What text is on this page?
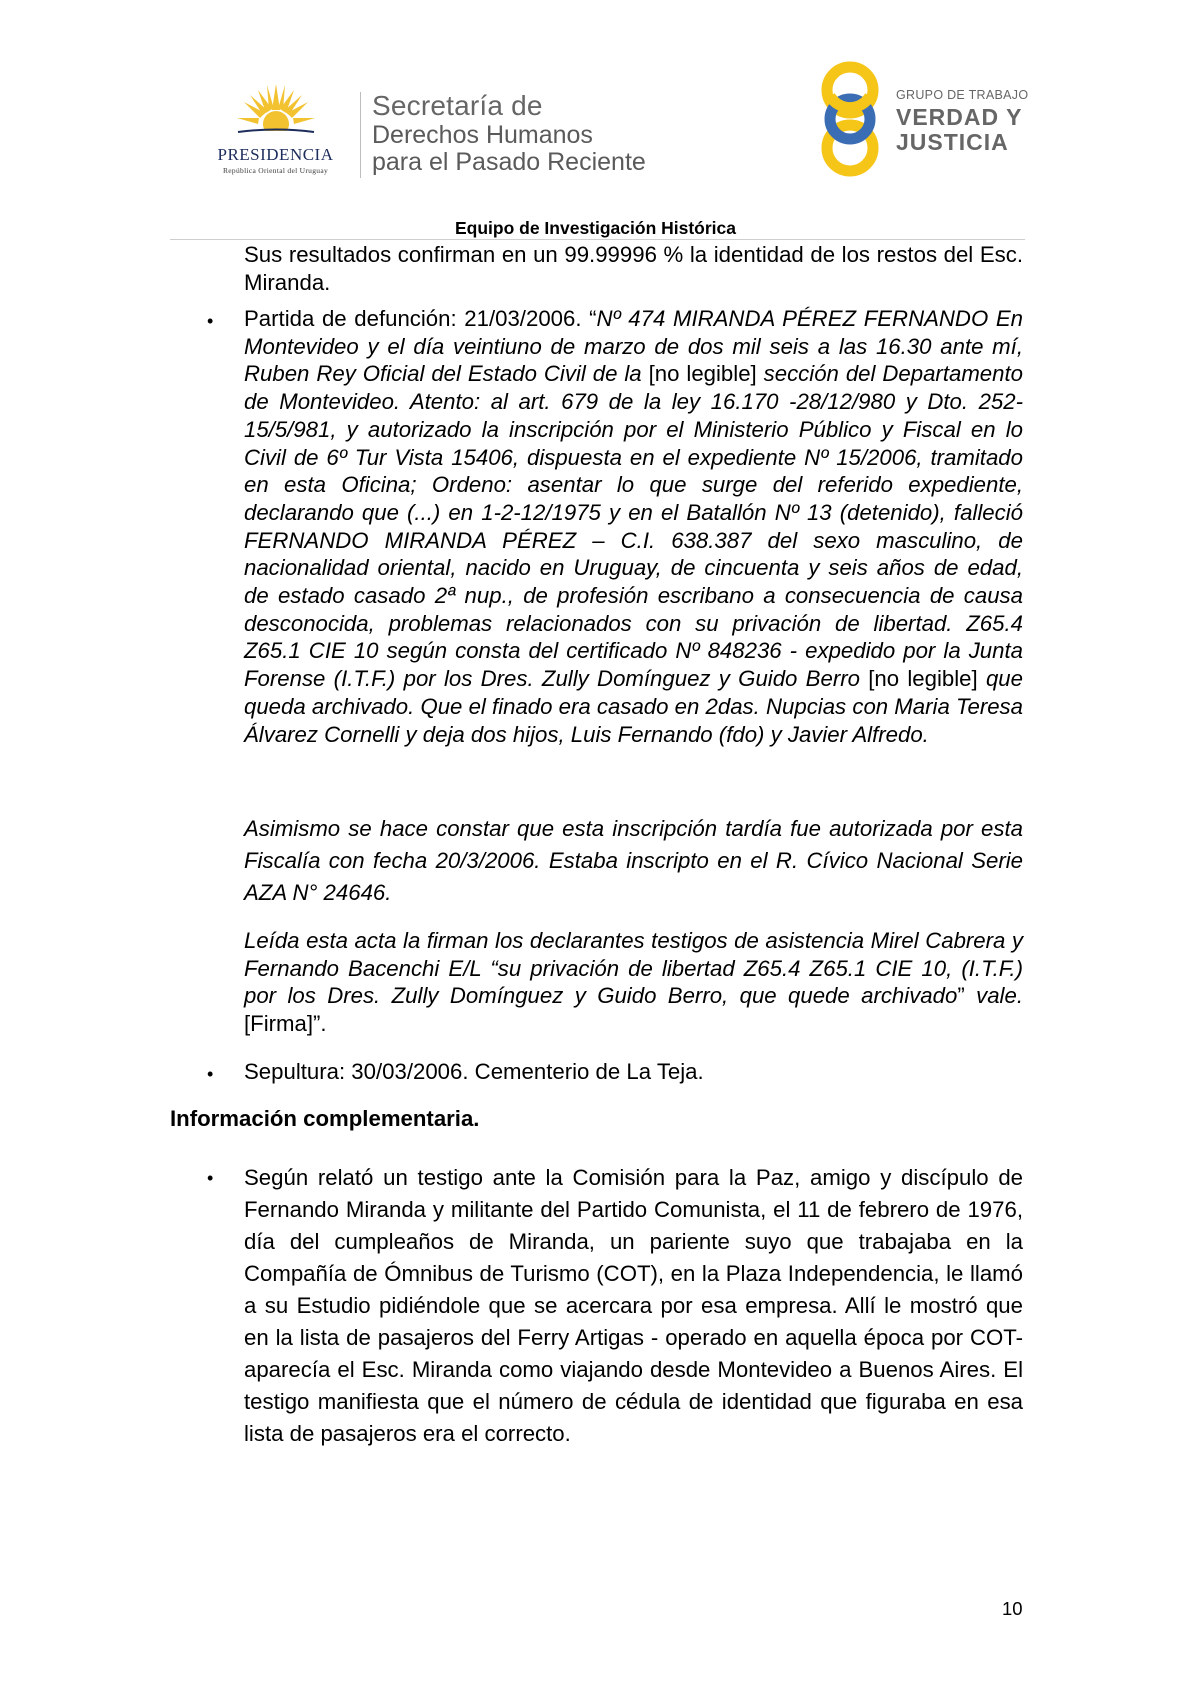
PRESIDENCIA
República Oriental del Uruguay
Secretaría de
Derechos Humanos
para el Pasado Reciente
GRUPO DE TRABAJO
VERDAD Y
JUSTICIA
Equipo de Investigación Histórica
Sus resultados confirman en un 99.99996 % la identidad de los restos del Esc. Miranda.
• Partida de defunción: 21/03/2006. “Nº 474 MIRANDA PÉREZ FERNANDO En Montevideo y el día veintiuno de marzo de dos mil seis a las 16.30 ante mí, Ruben Rey Oficial del Estado Civil de la [no legible] sección del Departamento de Montevideo. Atento: al art. 679 de la ley 16.170 -28/12/980 y Dto. 252-15/5/981, y autorizado la inscripción por el Ministerio Público y Fiscal en lo Civil de 6º Tur Vista 15406, dispuesta en el expediente Nº 15/2006, tramitado en esta Oficina; Ordeno: asentar lo que surge del referido expediente, declarando que (...) en 1-2-12/1975 y en el Batallón Nº 13 (detenido), falleció FERNANDO MIRANDA PÉREZ – C.I. 638.387 del sexo masculino, de nacionalidad oriental, nacido en Uruguay, de cincuenta y seis años de edad, de estado casado 2ª nup., de profesión escribano a consecuencia de causa desconocida, problemas relacionados con su privación de libertad. Z65.4 Z65.1 CIE 10 según consta del certificado Nº 848236 - expedido por la Junta Forense (I.T.F.) por los Dres. Zully Domínguez y Guido Berro [no legible] que queda archivado. Que el finado era casado en 2das. Nupcias con Maria Teresa Álvarez Cornelli y deja dos hijos, Luis Fernando (fdo) y Javier Alfredo.
Asimismo se hace constar que esta inscripción tardía fue autorizada por esta Fiscalía con fecha 20/3/2006. Estaba inscripto en el R. Cívico Nacional Serie AZA N° 24646.
Leída esta acta la firman los declarantes testigos de asistencia Mirel Cabrera y Fernando Bacenchi E/L “su privación de libertad Z65.4 Z65.1 CIE 10, (I.T.F.) por los Dres. Zully Domínguez y Guido Berro, que quede archivado” vale. [Firma]”.
• Sepultura: 30/03/2006. Cementerio de La Teja.
Información complementaria.
• Según relató un testigo ante la Comisión para la Paz, amigo y discípulo de Fernando Miranda y militante del Partido Comunista, el 11 de febrero de 1976, día del cumpleaños de Miranda, un pariente suyo que trabajaba en la Compañía de Ómnibus de Turismo (COT), en la Plaza Independencia, le llamó a su Estudio pidiéndole que se acercara por esa empresa. Allí le mostró que en la lista de pasajeros del Ferry Artigas - operado en aquella época por COT- aparecía el Esc. Miranda como viajando desde Montevideo a Buenos Aires. El testigo manifiesta que el número de cédula de identidad que figuraba en esa lista de pasajeros era el correcto.
10
